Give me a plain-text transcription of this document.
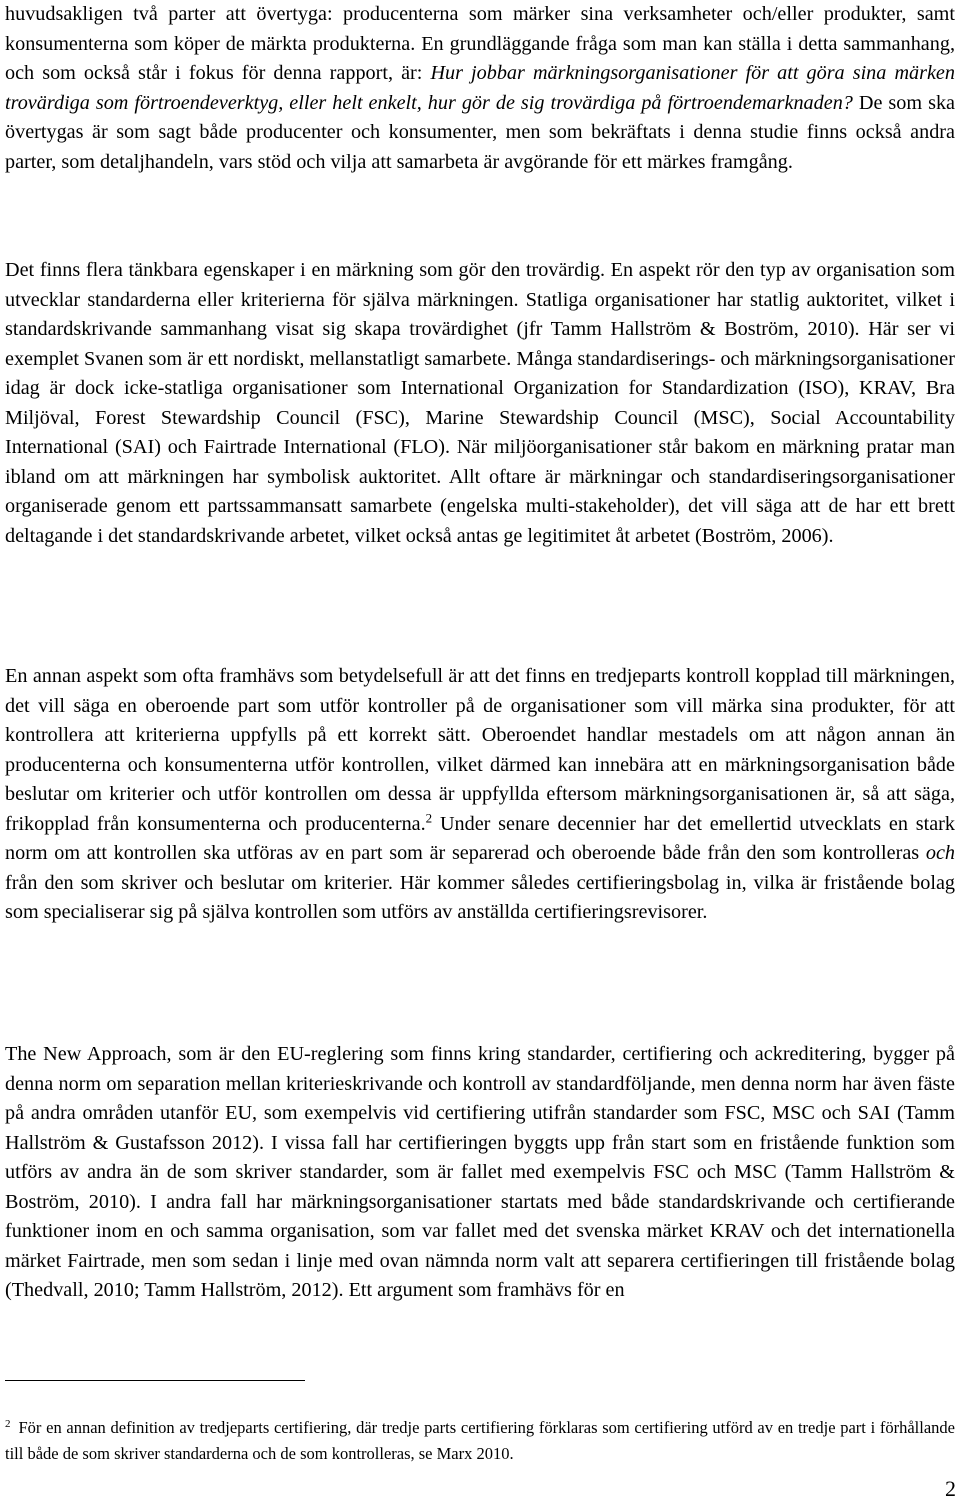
huvudsakligen två parter att övertyga: producenterna som märker sina verksamheter och/eller produkter, samt konsumenterna som köper de märkta produkterna. En grundläggande fråga som man kan ställa i detta sammanhang, och som också står i fokus för denna rapport, är: Hur jobbar märkningsorganisationer för att göra sina märken trovärdiga som förtroendeverktyg, eller helt enkelt, hur gör de sig trovärdiga på förtroendemarknaden? De som ska övertygas är som sagt både producenter och konsumenter, men som bekräftats i denna studie finns också andra parter, som detaljhandeln, vars stöd och vilja att samarbeta är avgörande för ett märkes framgång.

Det finns flera tänkbara egenskaper i en märkning som gör den trovärdig. En aspekt rör den typ av organisation som utvecklar standarderna eller kriterierna för själva märkningen. Statliga organisationer har statlig auktoritet, vilket i standardskrivande sammanhang visat sig skapa trovärdighet (jfr Tamm Hallström & Boström, 2010). Här ser vi exemplet Svanen som är ett nordiskt, mellanstatligt samarbete. Många standardiserings- och märkningsorganisationer idag är dock icke-statliga organisationer som International Organization for Standardization (ISO), KRAV, Bra Miljöval, Forest Stewardship Council (FSC), Marine Stewardship Council (MSC), Social Accountability International (SAI) och Fairtrade International (FLO). När miljöorganisationer står bakom en märkning pratar man ibland om att märkningen har symbolisk auktoritet. Allt oftare är märkningar och standardiseringsorganisationer organiserade genom ett partssammansatt samarbete (engelska multi-stakeholder), det vill säga att de har ett brett deltagande i det standardskrivande arbetet, vilket också antas ge legitimitet åt arbetet (Boström, 2006).

En annan aspekt som ofta framhävs som betydelsefull är att det finns en tredjeparts kontroll kopplad till märkningen, det vill säga en oberoende part som utför kontroller på de organisationer som vill märka sina produkter, för att kontrollera att kriterierna uppfylls på ett korrekt sätt. Oberoendet handlar mestadels om att någon annan än producenterna och konsumenterna utför kontrollen, vilket därmed kan innebära att en märkningsorganisation både beslutar om kriterier och utför kontrollen om dessa är uppfyllda eftersom märkningsorganisationen är, så att säga, frikopplad från konsumenterna och producenterna.$^2$ Under senare decennier har det emellertid utvecklats en stark norm om att kontrollen ska utföras av en part som är separerad och oberoende både från den som kontrolleras och från den som skriver och beslutar om kriterier. Här kommer således certifieringsbolag in, vilka är fristående bolag som specialiserar sig på själva kontrollen som utförs av anställda certifieringsrevisorer.

The New Approach, som är den EU-reglering som finns kring standarder, certifiering och ackreditering, bygger på denna norm om separation mellan kriterieskrivande och kontroll av standardföljande, men denna norm har även fäste på andra områden utanför EU, som exempelvis vid certifiering utifrån standarder som FSC, MSC och SAI (Tamm Hallström & Gustafsson 2012). I vissa fall har certifieringen byggts upp från start som en fristående funktion som utförs av andra än de som skriver standarder, som är fallet med exempelvis FSC och MSC (Tamm Hallström & Boström, 2010). I andra fall har märkningsorganisationer startats med både standardskrivande och certifierande funktioner inom en och samma organisation, som var fallet med det svenska märket KRAV och det internationella märket Fairtrade, men som sedan i linje med ovan nämnda norm valt att separera certifieringen till fristående bolag (Thedvall, 2010; Tamm Hallström, 2012). Ett argument som framhävs för en

$^2$ För en annan definition av tredjeparts certifiering, där tredje parts certifiering förklaras som certifiering utförd av en tredje part i förhållande till både de som skriver standarderna och de som kontrolleras, se Marx 2010.

2
